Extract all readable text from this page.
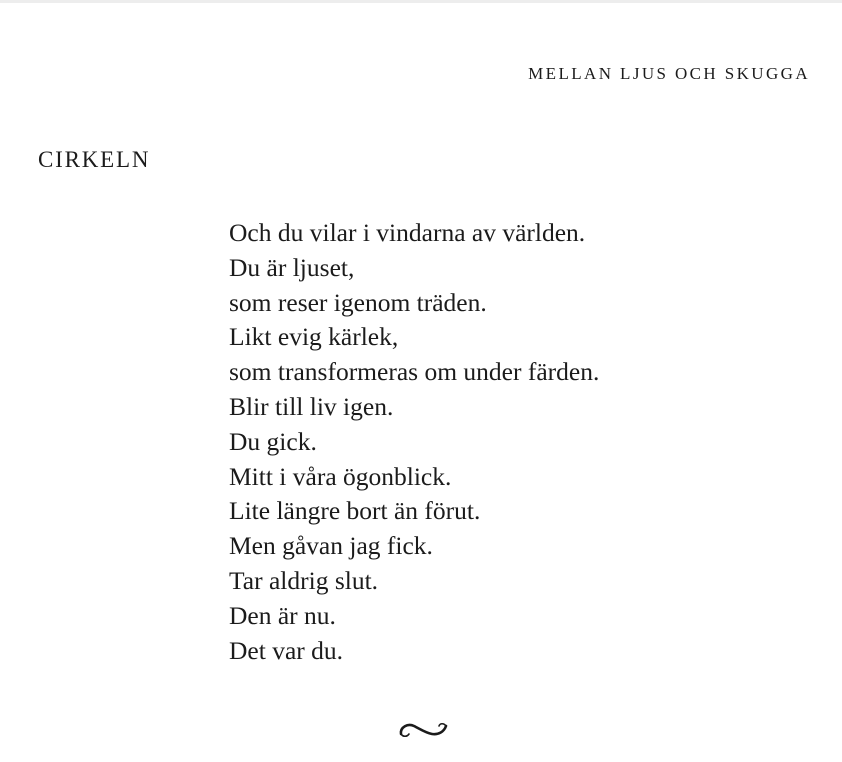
MELLAN LJUS OCH SKUGGA
CIRKELN
Och du vilar i vindarna av världen.
Du är ljuset,
som reser igenom träden.
Likt evig kärlek,
som transformeras om under färden.
Blir till liv igen.
Du gick.
Mitt i våra ögonblick.
Lite längre bort än förut.
Men gåvan jag fick.
Tar aldrig slut.
Den är nu.
Det var du.
